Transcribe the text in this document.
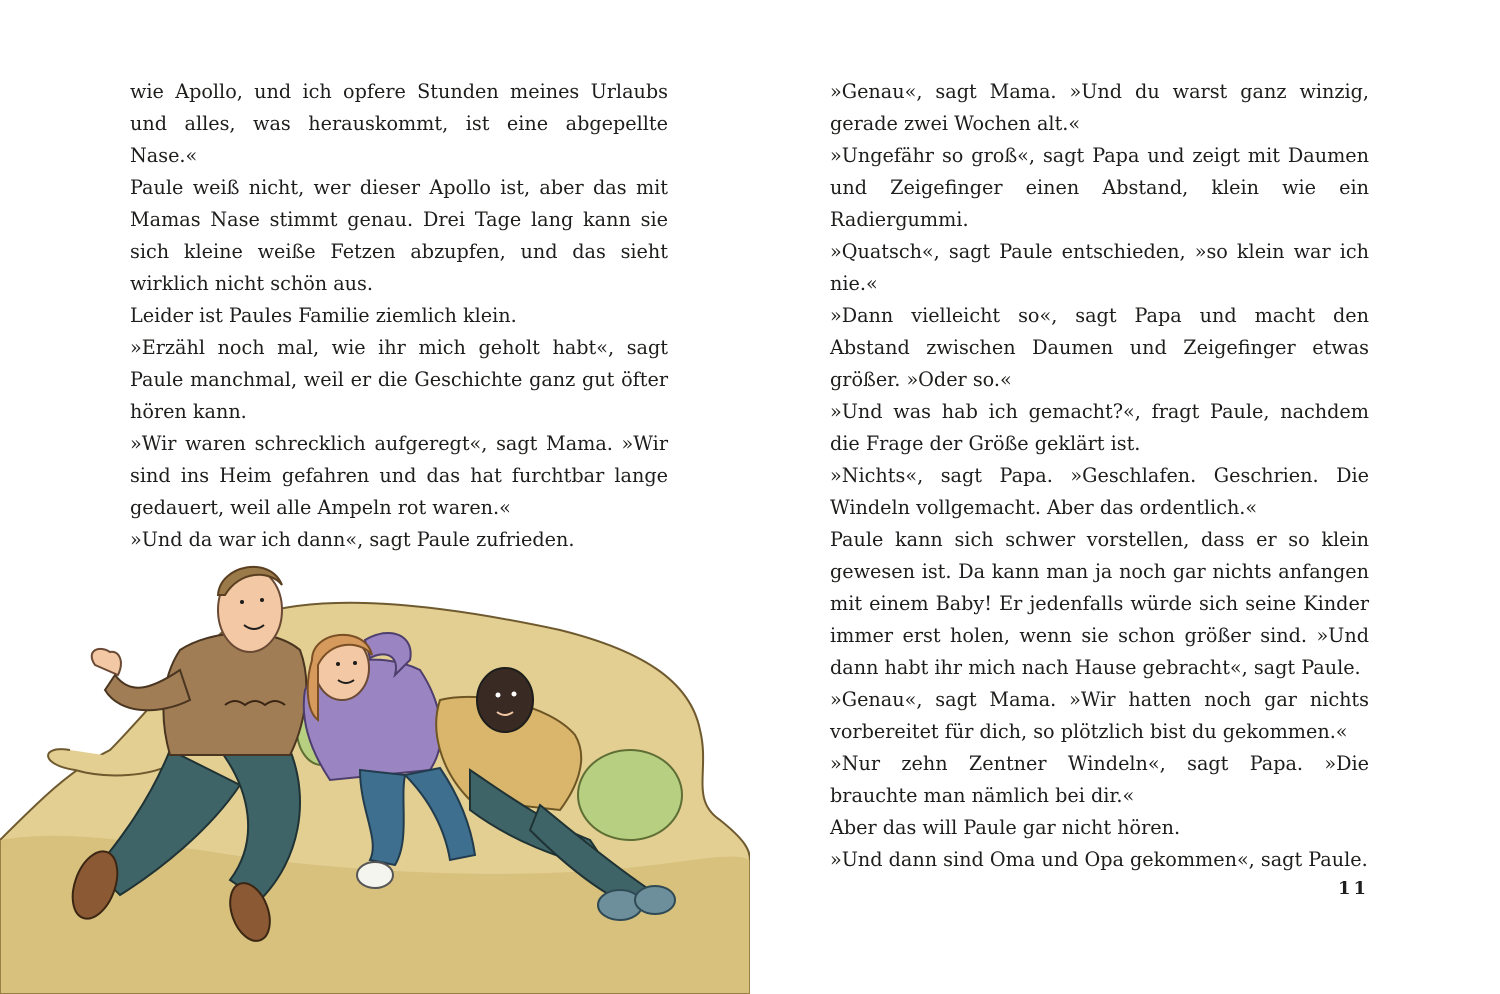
wie Apollo, und ich opfere Stunden meines Urlaubs und alles, was herauskommt, ist eine abgepellte Nase.«

Paule weiß nicht, wer dieser Apollo ist, aber das mit Mamas Nase stimmt genau. Drei Tage lang kann sie sich kleine weiße Fetzen abzupfen, und das sieht wirklich nicht schön aus.

Leider ist Paules Familie ziemlich klein.

»Erzähl noch mal, wie ihr mich geholt habt«, sagt Paule manchmal, weil er die Geschichte ganz gut öfter hören kann.

»Wir waren schrecklich aufgeregt«, sagt Mama. »Wir sind ins Heim gefahren und das hat furchtbar lange gedauert, weil alle Ampeln rot waren.«

»Und da war ich dann«, sagt Paule zufrieden.

»Genau«, sagt Mama. »Und du warst ganz winzig, gerade zwei Wochen alt.«

»Ungefähr so groß«, sagt Papa und zeigt mit Daumen und Zeigefinger einen Abstand, klein wie ein Radiergummi.

»Quatsch«, sagt Paule entschieden, »so klein war ich nie.«

»Dann vielleicht so«, sagt Papa und macht den Abstand zwischen Daumen und Zeigefinger etwas größer. »Oder so.«

»Und was hab ich gemacht?«, fragt Paule, nachdem die Frage der Größe geklärt ist.

»Nichts«, sagt Papa. »Geschlafen. Geschrien. Die Windeln vollgemacht. Aber das ordentlich.«

Paule kann sich schwer vorstellen, dass er so klein gewesen ist. Da kann man ja noch gar nichts anfangen mit einem Baby! Er jedenfalls würde sich seine Kinder immer erst holen, wenn sie schon größer sind. »Und dann habt ihr mich nach Hause gebracht«, sagt Paule.

»Genau«, sagt Mama. »Wir hatten noch gar nichts vorbereitet für dich, so plötzlich bist du gekommen.«

»Nur zehn Zentner Windeln«, sagt Papa. »Die brauchte man nämlich bei dir.«

Aber das will Paule gar nicht hören.

»Und dann sind Oma und Opa gekommen«, sagt Paule.

11
